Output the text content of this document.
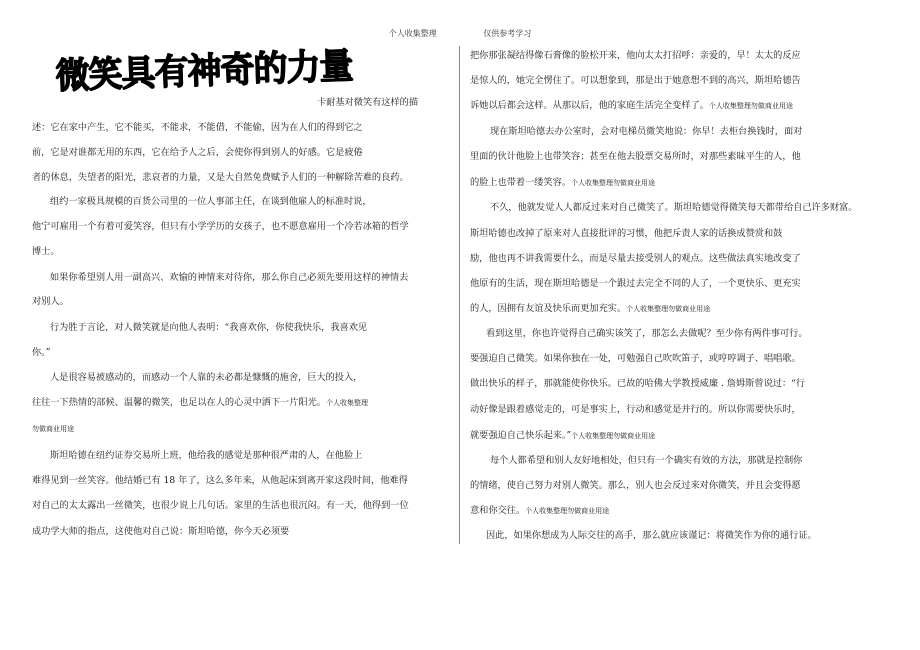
个人收集整理	仅供参考学习
微笑具有神奇的力量
卡耐基对微笑有这样的描
述：它在家中产生，它不能买，不能求，不能借，不能偷，因为在人们的得到它之
前，它是对谁都无用的东西，它在给予人之后，会使你得到别人的好感。它是疲倦
者的休息，失望者的阳光，悲哀者的力量，又是大自然免费赋予人们的一种解除苦难的良药。
组约一家极具规模的百货公司里的一位人事部主任，在谈到他雇人的标准时说，
他宁可雇用一个有着可爱笑容，但只有小学学历的女孩子，也不愿意雇用一个冷若冰箱的哲学
博士。
如果你希望别人用一副高兴、欢愉的神情来对待你，那么你自己必须先要用这样的神情去
对别人。
行为胜于言论，对人微笑就是向他人表明：“我喜欢你，你使我快乐，我喜欢见
你。”
人是很容易被感动的，而感动一个人靠的未必都是慷慨的施舍，巨大的投入，
往往一下热情的部候、温馨的微笑，也足以在人的心灵中洒下一片阳光。个人收集整理
勿做商业用途
斯坦哈德在纽约证券交易所上班，他给我的感觉是那种很严肃的人，在他脸上
难得见到一丝笑容。他结婚已有 18 年了，这么多年来，从他起床到离开家这段时间，他难得
对自己的太太露出一丝微笑，也很少说上几句话。家里的生活也很沉闷。有一天，他得到一位
成功学大师的指点，这使他对自己说：斯坦哈德，你今天必须要
把你那张凝结得像石膏像的脸松开来，他向太太打招呼：亲爱的，早！太太的反应
是惊人的，她完全愣住了。可以想象到，那是出于她意想不到的高兴，斯坦哈德告
诉她以后都会这样。从那以后，他的家庭生活完全变样了。个人收集整理勿做商业用途
现在斯坦哈德去办公室时，会对电梯员微笑地说：你早！去柜台换钱时，面对
里面的伙计他脸上也带笑容；甚至在他去股票交易所时，对那些素昧平生的人，他
的脸上也带着一缕笑容。个人收集整理勿做商业用途
不久，他就发觉人人都反过来对自己微笑了。斯坦哈德觉得微笑每天都带给自己许多财富。
斯坦哈德也改掉了原来对人直接批评的习惯，他把斥责人家的话换成赞赏和鼓
励，他也再不讲我需要什么，而是尽量去接受别人的观点。这些做法真实地改变了
他原有的生活，现在斯坦哈德是一个跟过去完全不同的人了，一个更快乐、更充实
的人，因拥有友谊及快乐而更加充实。个人收集整理勿做商业用途
看到这里，你也许觉得自己确实该笑了，那怎么去做呢？至少你有两件事可行。
要强迫自己微笑。如果你独在一处，可勉强自己吹吹笛子，或哼哼调子、唱唱歌。
做出快乐的样子，那就能使你快乐。已故的哈佛大学教授威廉 . 詹姆斯曾说过：“行
动好像是跟着感觉走的，可是事实上，行动和感觉是并行的。所以你需要快乐时，
就要强迫自己快乐起来。”个人收集整理勿做商业用途
每个人都希望和别人友好地相处，但只有一个确实有效的方法，那就是控制你
的情绪，使自己努力对别人微笑。那么，别人也会反过来对你微笑，并且会变得愿
意和你交往。个人收集整理勿做商业用途
因此，如果你想成为人际交往的高手，那么就应该谨记：将微笑作为你的通行证。
